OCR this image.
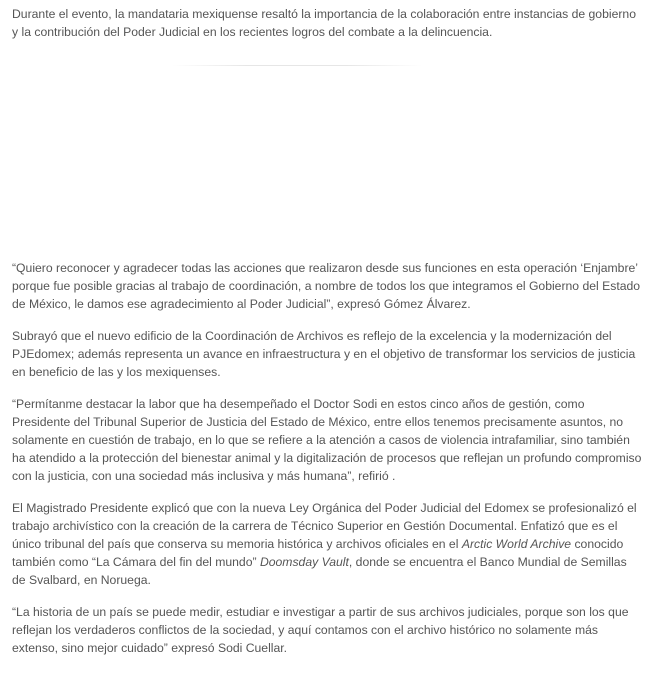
Durante el evento, la mandataria mexiquense resaltó la importancia de la colaboración entre instancias de gobierno y la contribución del Poder Judicial en los recientes logros del combate a la delincuencia.

“Quiero reconocer y agradecer todas las acciones que realizaron desde sus funciones en esta operación ‘Enjambre’ porque fue posible gracias al trabajo de coordinación, a nombre de todos los que integramos el Gobierno del Estado de México, le damos ese agradecimiento al Poder Judicial”, expresó Gómez Álvarez.

Subrayó que el nuevo edificio de la Coordinación de Archivos es reflejo de la excelencia y la modernización del PJEdomex; además representa un avance en infraestructura y en el objetivo de transformar los servicios de justicia en beneficio de las y los mexiquenses.

“Permítanme destacar la labor que ha desempeñado el Doctor Sodi en estos cinco años de gestión, como Presidente del Tribunal Superior de Justicia del Estado de México, entre ellos tenemos precisamente asuntos, no solamente en cuestión de trabajo, en lo que se refiere a la atención a casos de violencia intrafamiliar, sino también ha atendido a la protección del bienestar animal y la digitalización de procesos que reflejan un profundo compromiso con la justicia, con una sociedad más inclusiva y más humana”, refirió .

El Magistrado Presidente explicó que con la nueva Ley Orgánica del Poder Judicial del Edomex se profesionalizó el trabajo archivístico con la creación de la carrera de Técnico Superior en Gestión Documental. Enfatizó que es el único tribunal del país que conserva su memoria histórica y archivos oficiales en el Arctic World Archive conocido también como “La Cámara del fin del mundo” Doomsday Vault, donde se encuentra el Banco Mundial de Semillas de Svalbard, en Noruega.

“La historia de un país se puede medir, estudiar e investigar a partir de sus archivos judiciales, porque son los que reflejan los verdaderos conflictos de la sociedad, y aquí contamos con el archivo histórico no solamente más extenso, sino mejor cuidado” expresó Sodi Cuellar.
